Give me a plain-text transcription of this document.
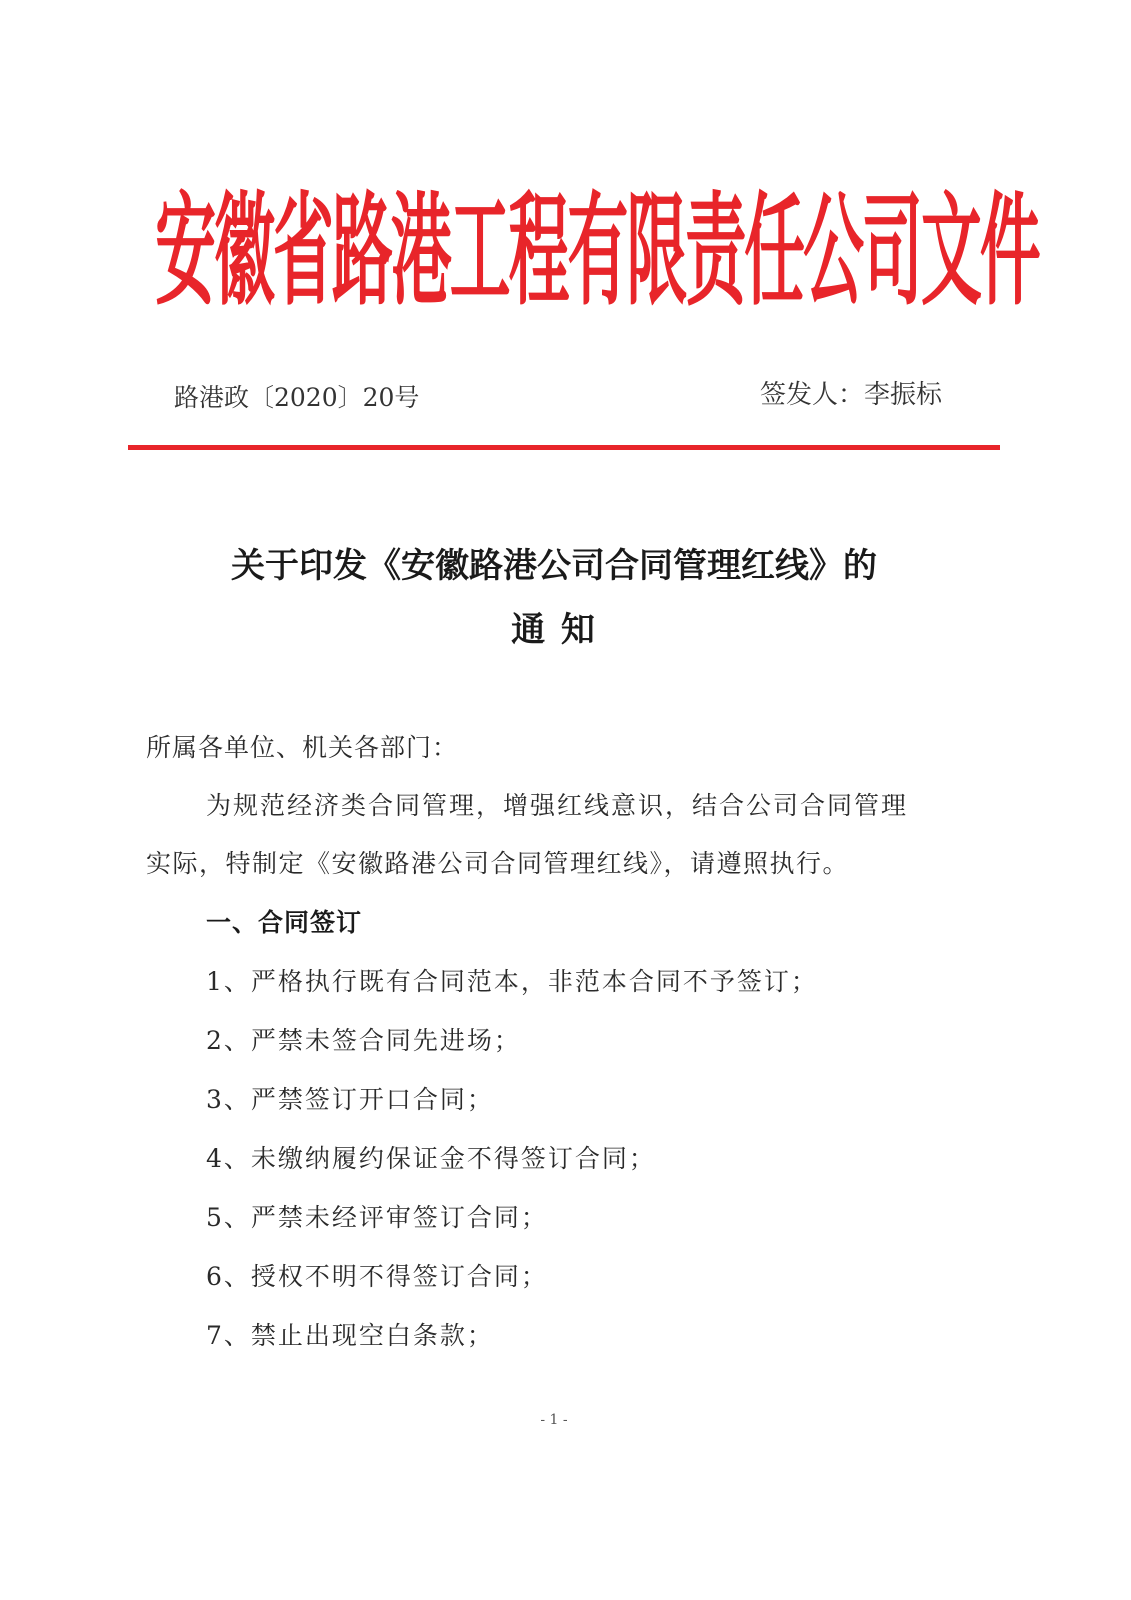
安徽省路港工程有限责任公司文件
路港政〔2020〕20号	签发人：李振标
关于印发《安徽路港公司合同管理红线》的
通 知
所属各单位、机关各部门：
为规范经济类合同管理，增强红线意识，结合公司合同管理
实际，特制定《安徽路港公司合同管理红线》，请遵照执行。
一、合同签订
1、严格执行既有合同范本，非范本合同不予签订；
2、严禁未签合同先进场；
3、严禁签订开口合同；
4、未缴纳履约保证金不得签订合同；
5、严禁未经评审签订合同；
6、授权不明不得签订合同；
7、禁止出现空白条款；
- 1 -
